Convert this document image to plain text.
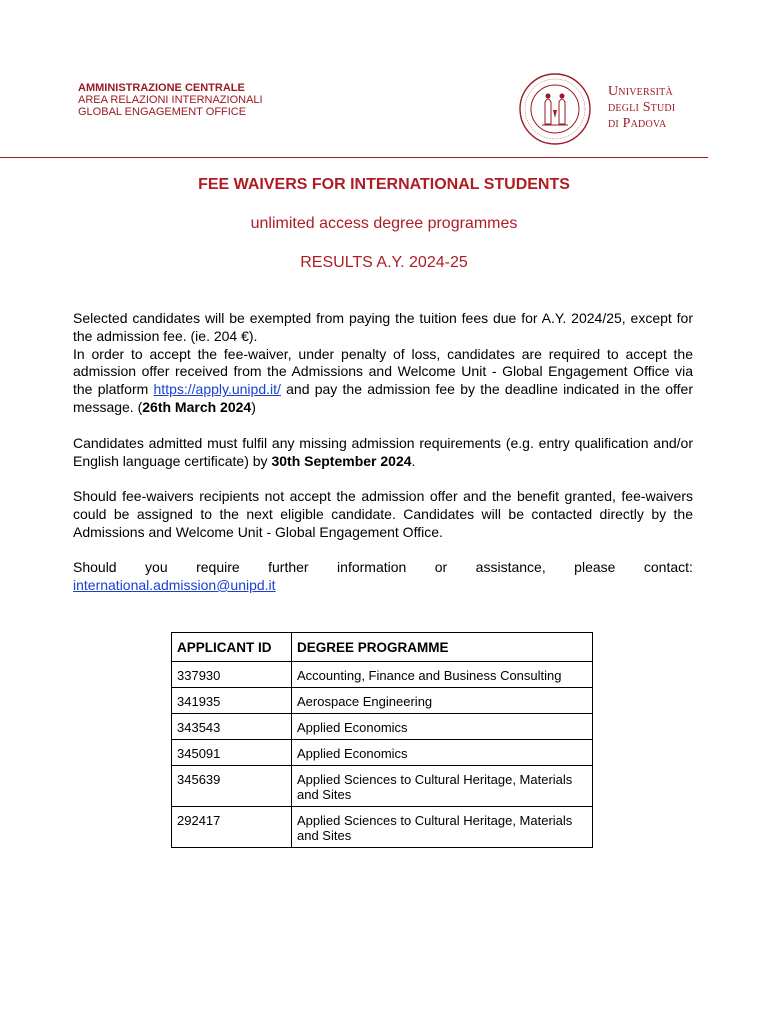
AMMINISTRAZIONE CENTRALE
AREA RELAZIONI INTERNAZIONALI
GLOBAL ENGAGEMENT OFFICE
Università
degli Studi
di Padova
FEE WAIVERS FOR INTERNATIONAL STUDENTS
unlimited access degree programmes
RESULTS A.Y. 2024-25
Selected candidates will be exempted from paying the tuition fees due for A.Y. 2024/25, except for the admission fee. (ie. 204 €).
In order to accept the fee-waiver, under penalty of loss, candidates are required to accept the admission offer received from the Admissions and Welcome Unit - Global Engagement Office via the platform https://apply.unipd.it/ and pay the admission fee by the deadline indicated in the offer message. (26th March 2024)
Candidates admitted must fulfil any missing admission requirements (e.g. entry qualification and/or English language certificate) by 30th September 2024.
Should fee-waivers recipients not accept the admission offer and the benefit granted, fee-waivers could be assigned to the next eligible candidate. Candidates will be contacted directly by the Admissions and Welcome Unit - Global Engagement Office.
Should you require further information or assistance, please contact:
international.admission@unipd.it
APPLICANT ID	DEGREE PROGRAMME
337930	Accounting, Finance and Business Consulting
341935	Aerospace Engineering
343543	Applied Economics
345091	Applied Economics
345639	Applied Sciences to Cultural Heritage, Materials and Sites
292417	Applied Sciences to Cultural Heritage, Materials and Sites
